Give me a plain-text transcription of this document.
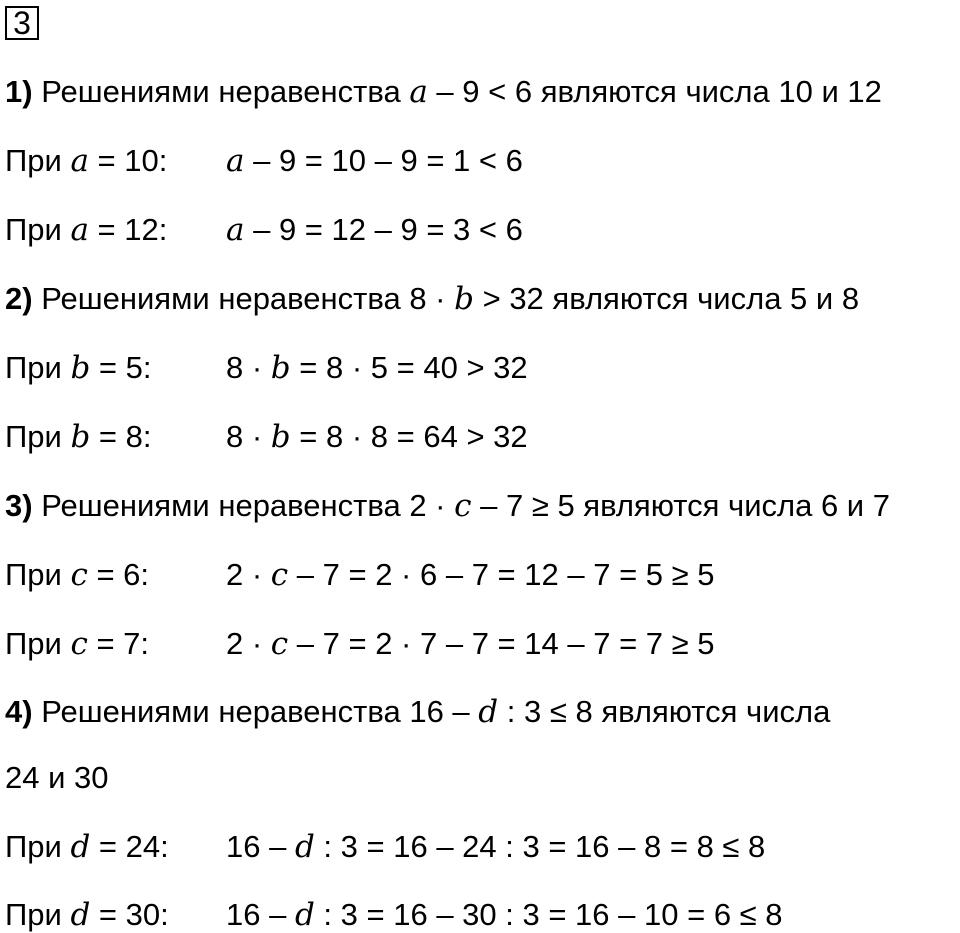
3
1) Решениями неравенства a – 9 < 6 являются числа 10 и 12
При a = 10: a – 9 = 10 – 9 = 1 < 6
При a = 12: a – 9 = 12 – 9 = 3 < 6
2) Решениями неравенства 8 · b > 32 являются числа 5 и 8
При b = 5: 8 · b = 8 · 5 = 40 > 32
При b = 8: 8 · b = 8 · 8 = 64 > 32
3) Решениями неравенства 2 · c – 7 ≥ 5 являются числа 6 и 7
При c = 6: 2 · c – 7 = 2 · 6 – 7 = 12 – 7 = 5 ≥ 5
При c = 7: 2 · c – 7 = 2 · 7 – 7 = 14 – 7 = 7 ≥ 5
4) Решениями неравенства 16 – d : 3 ≤ 8 являются числа
24 и 30
При d = 24: 16 – d : 3 = 16 – 24 : 3 = 16 – 8 = 8 ≤ 8
При d = 30: 16 – d : 3 = 16 – 30 : 3 = 16 – 10 = 6 ≤ 8
